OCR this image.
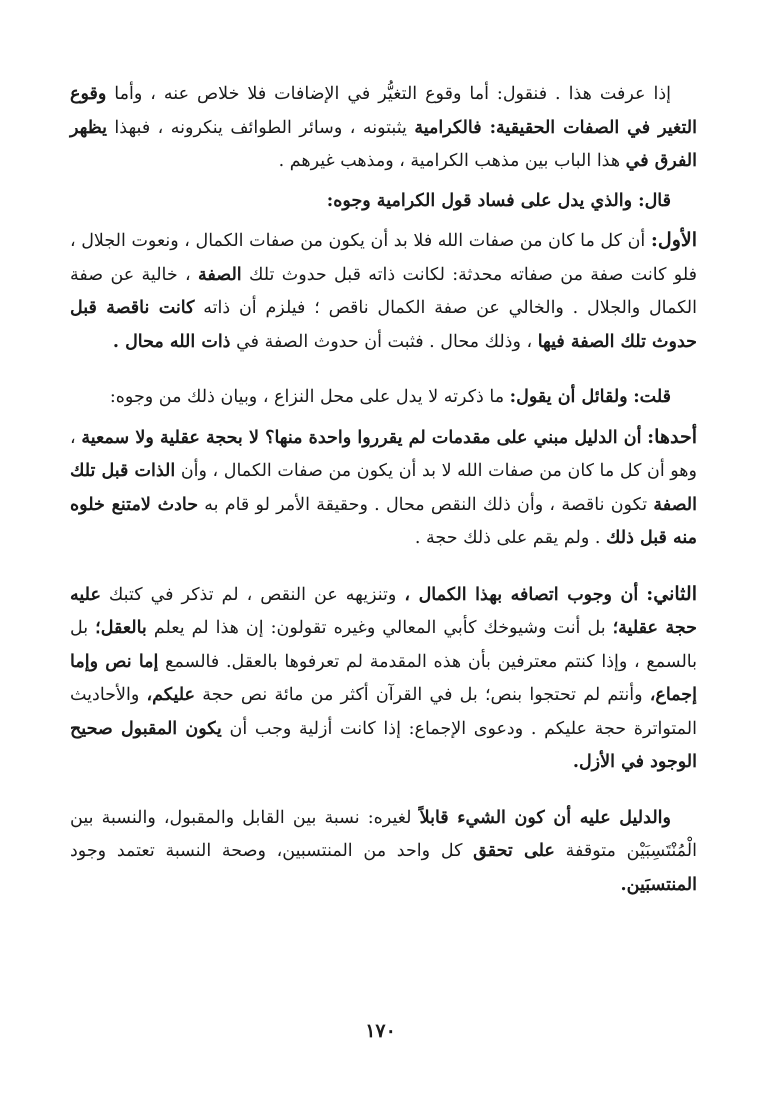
إذا عرفت هذا . فنقول: أما وقوع التغيُّر في الإضافات فلا خلاص عنه ، وأما وقوع التغير في الصفات الحقيقية: فالكرامية يثبتونه ، وسائر الطوائف ينكرونه ، فبهذا يظهر الفرق في هذا الباب بين مذهب الكرامية ، ومذهب غيرهم .

قال: والذي يدل على فساد قول الكرامية وجوه:

الأول: أن كل ما كان من صفات الله فلا بد أن يكون من صفات الكمال ، ونعوت الجلال ، فلو كانت صفة من صفاته محدثة: لكانت ذاته قبل حدوث تلك الصفة ، خالية عن صفة الكمال والجلال . والخالي عن صفة الكمال ناقص ؛ فيلزم أن ذاته كانت ناقصة قبل حدوث تلك الصفة فيها ، وذلك محال . فثبت أن حدوث الصفة في ذات الله محال .

قلت: ولقائل أن يقول: ما ذكرته لا يدل على محل النزاع ، وبيان ذلك من وجوه:

أحدها: أن الدليل مبني على مقدمات لم يقرروا واحدة منها؟ لا بحجة عقلية ولا سمعية ، وهو أن كل ما كان من صفات الله لا بد أن يكون من صفات الكمال ، وأن الذات قبل تلك الصفة تكون ناقصة ، وأن ذلك النقص محال . وحقيقة الأمر لو قام به حادث لامتنع خلوه منه قبل ذلك . ولم يقم على ذلك حجة .

الثاني: أن وجوب اتصافه بهذا الكمال ، وتنزيهه عن النقص ، لم تذكر في كتبك عليه حجة عقلية؛ بل أنت وشيوخك كأبي المعالي وغيره تقولون: إن هذا لم يعلم بالعقل؛ بل بالسمع ، وإذا كنتم معترفين بأن هذه المقدمة لم تعرفوها بالعقل. فالسمع إما نص وإما إجماع، وأنتم لم تحتجوا بنص؛ بل في القرآن أكثر من مائة نص حجة عليكم، والأحاديث المتواترة حجة عليكم . ودعوى الإجماع: إذا كانت أزلية وجب أن يكون المقبول صحيح الوجود في الأزل.

والدليل عليه أن كون الشيء قابلاً لغيره: نسبة بين القابل والمقبول، والنسبة بين الْمُنْتَسِبَيْن متوقفة على تحقق كل واحد من المنتسبين، وصحة النسبة تعتمد وجود المنتسبَين.

١٧٠
